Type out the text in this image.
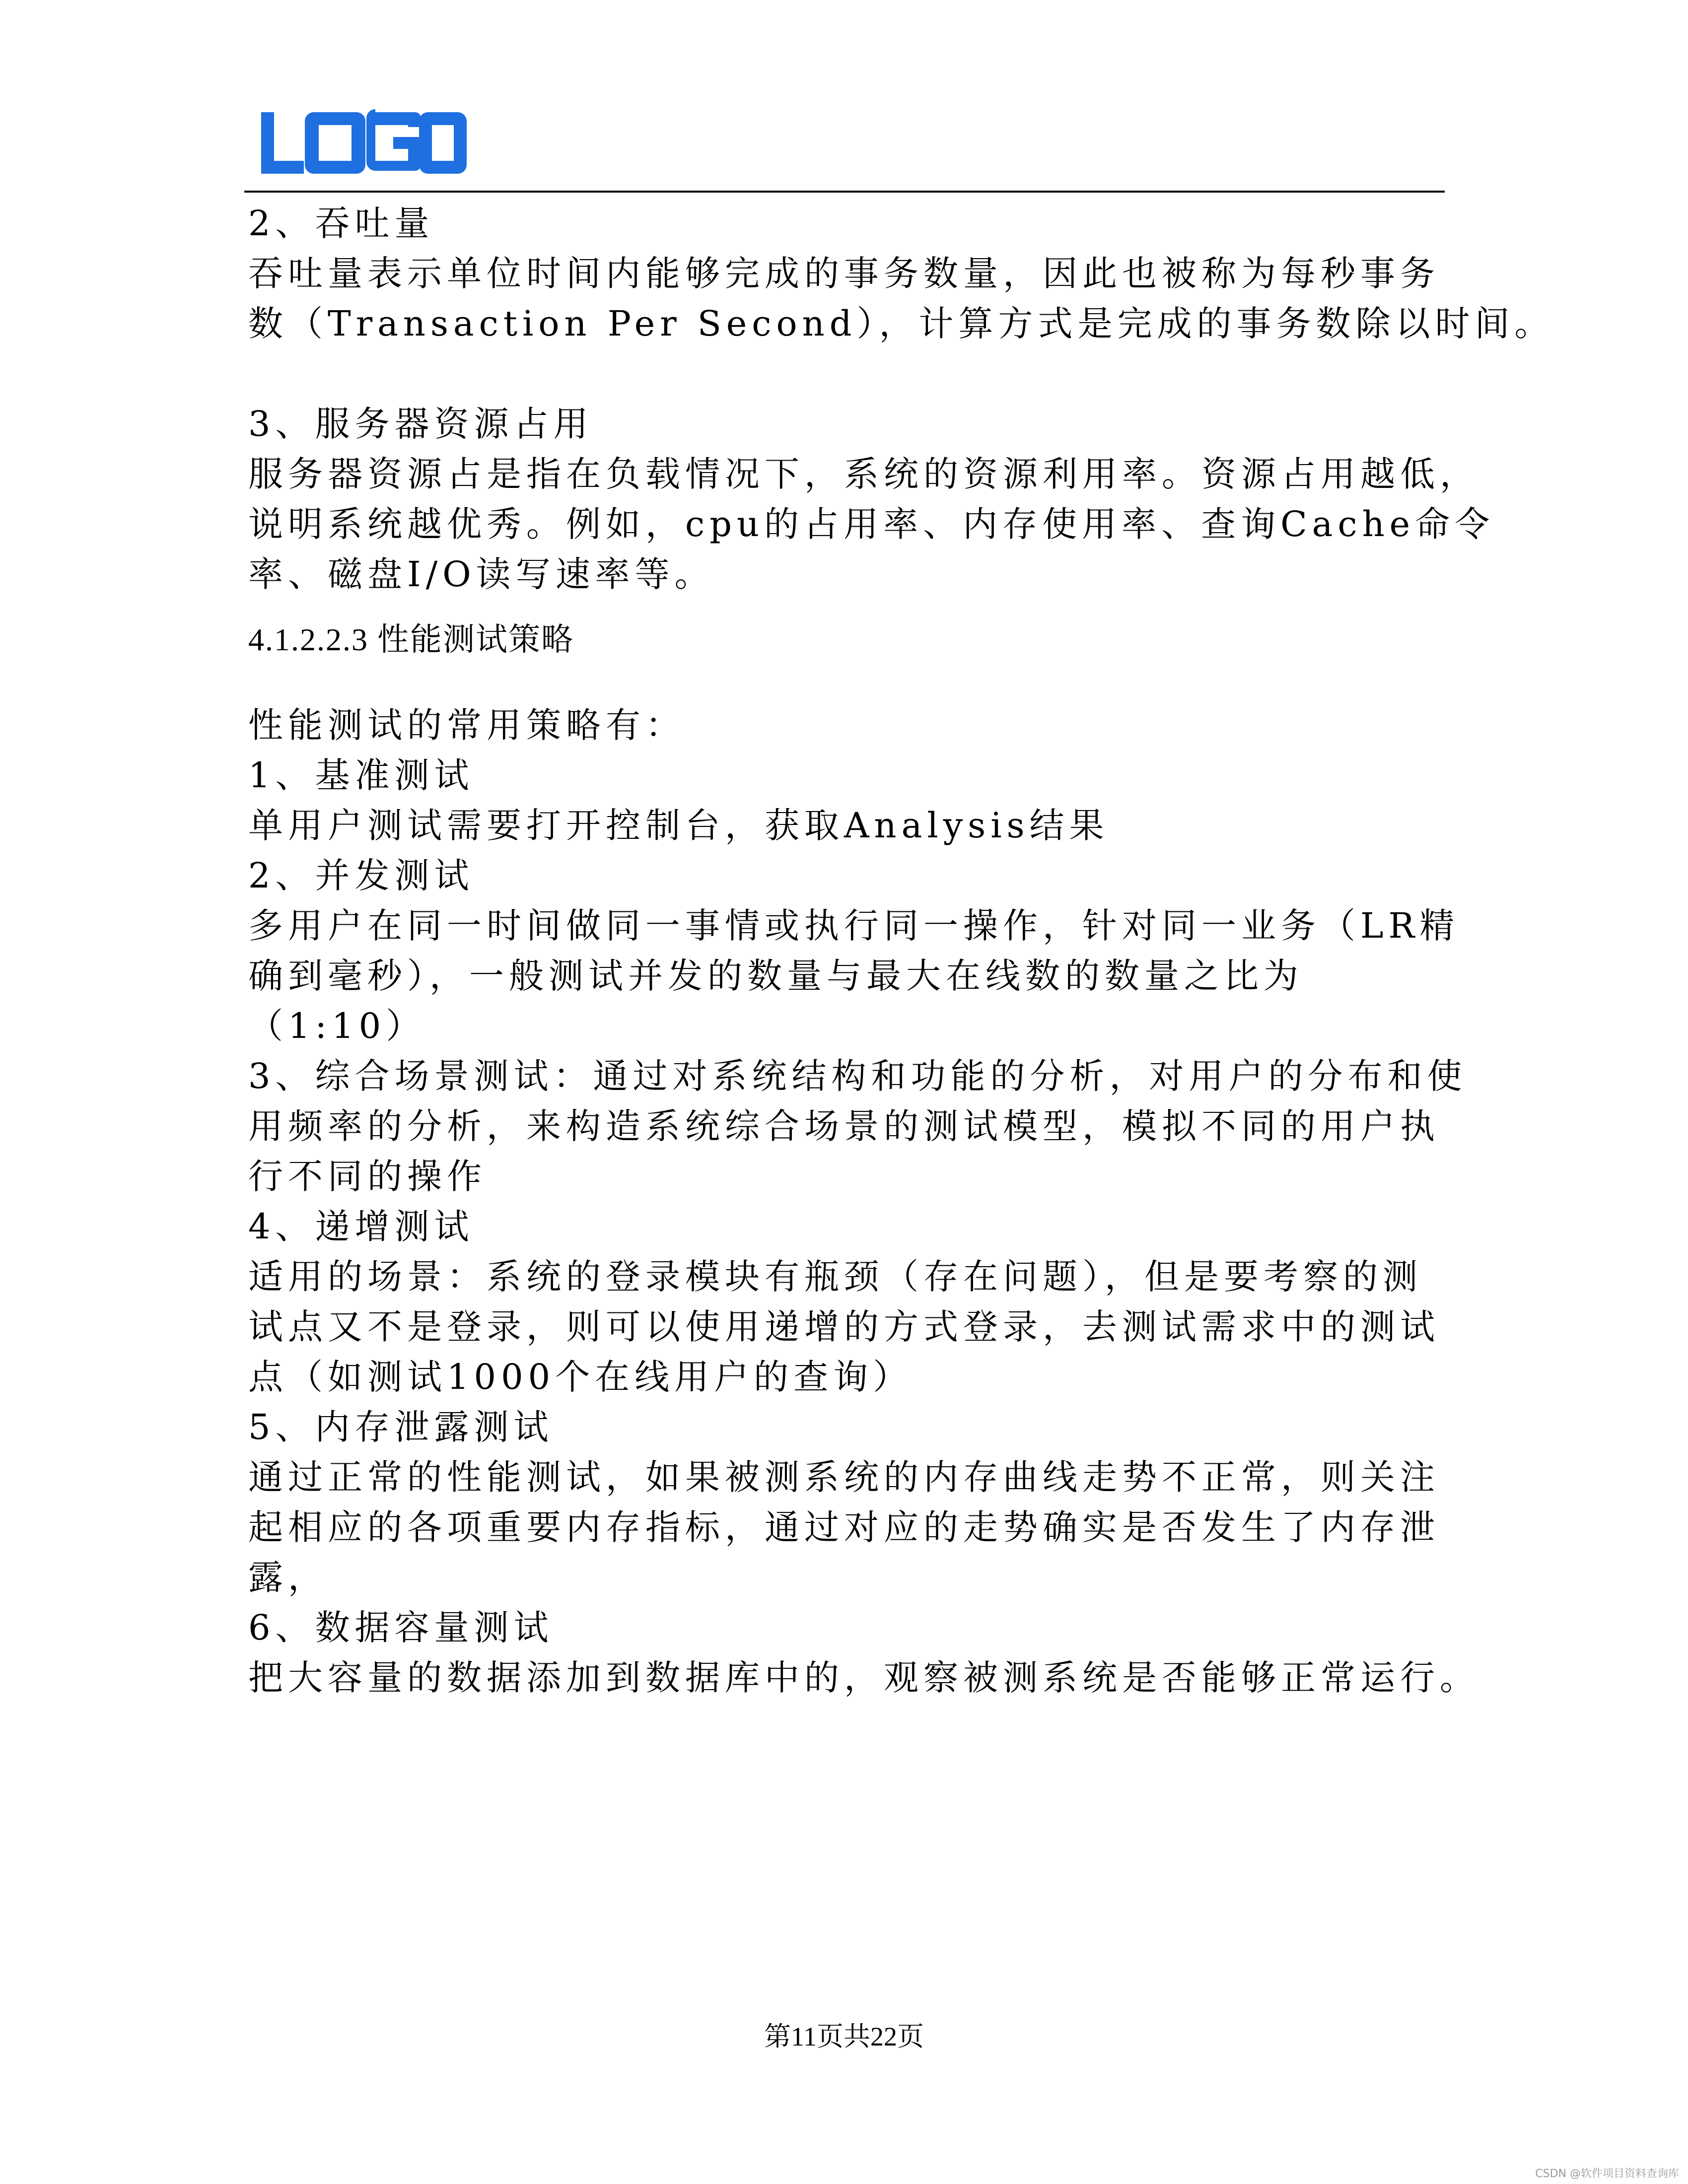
2、吞吐量
吞吐量表示单位时间内能够完成的事务数量，因此也被称为每秒事务
数（Transaction Per Second），计算方式是完成的事务数除以时间。
3、服务器资源占用
服务器资源占是指在负载情况下，系统的资源利用率。资源占用越低，
说明系统越优秀。例如，cpu的占用率、内存使用率、查询Cache命令
率、磁盘I/O读写速率等。
4.1.2.2.3 性能测试策略
性能测试的常用策略有：
1、基准测试
单用户测试需要打开控制台，获取Analysis结果
2、并发测试
多用户在同一时间做同一事情或执行同一操作，针对同一业务（LR精
确到毫秒），一般测试并发的数量与最大在线数的数量之比为
（1:10）
3、综合场景测试：通过对系统结构和功能的分析，对用户的分布和使
用频率的分析，来构造系统综合场景的测试模型，模拟不同的用户执
行不同的操作
4、递增测试
适用的场景：系统的登录模块有瓶颈（存在问题），但是要考察的测
试点又不是登录，则可以使用递增的方式登录，去测试需求中的测试
点（如测试1000个在线用户的查询）
5、内存泄露测试
通过正常的性能测试，如果被测系统的内存曲线走势不正常，则关注
起相应的各项重要内存指标，通过对应的走势确实是否发生了内存泄
露，
6、数据容量测试
把大容量的数据添加到数据库中的，观察被测系统是否能够正常运行。
第11页共22页
CSDN @软件项目资料查询库
